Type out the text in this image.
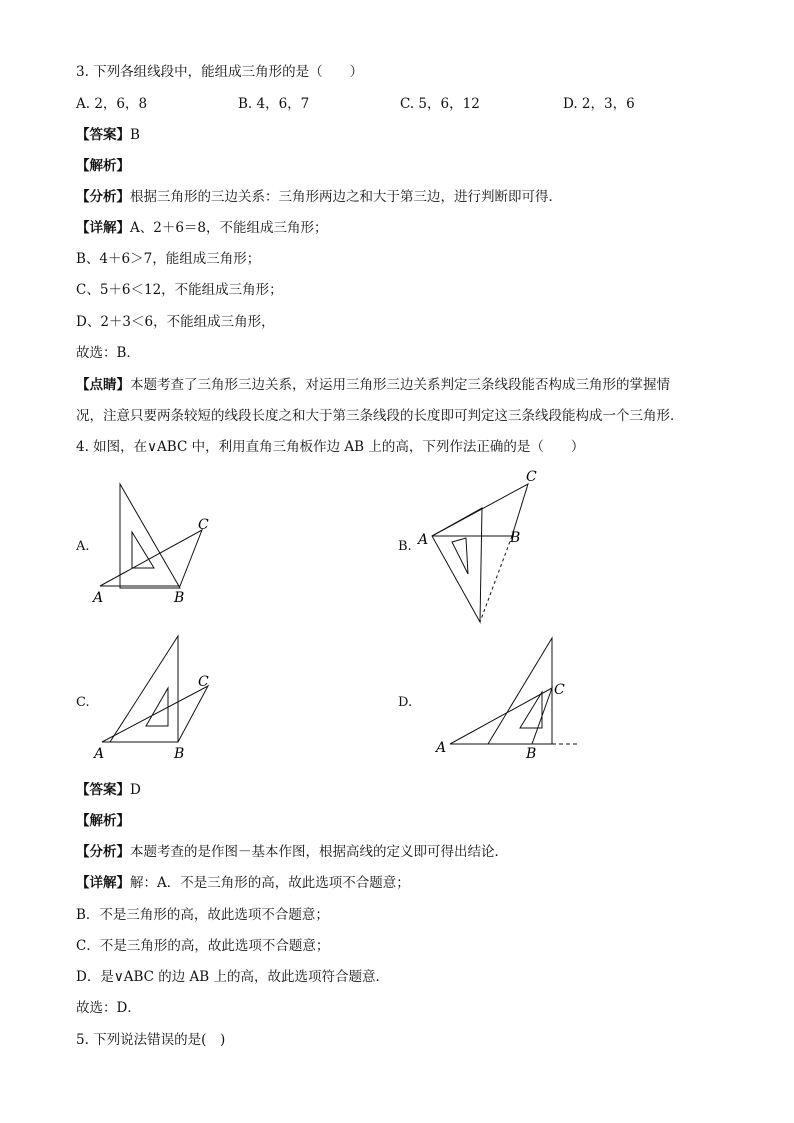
3. 下列各组线段中，能组成三角形的是（　　）
A. 2，6，8	B. 4，6，7	C. 5，6，12	D. 2，3，6
【答案】B
【解析】
【分析】根据三角形的三边关系：三角形两边之和大于第三边，进行判断即可得．
【详解】A、2＋6＝8，不能组成三角形；
B、4＋6＞7，能组成三角形；
C、5＋6＜12，不能组成三角形；
D、2＋3＜6，不能组成三角形，
故选：B．
【点睛】本题考查了三角形三边关系，对运用三角形三边关系判定三条线段能否构成三角形的掌握情
况，注意只要两条较短的线段长度之和大于第三条线段的长度即可判定这三条线段能构成一个三角形．
4. 如图，在∨ABC 中，利用直角三角板作边 AB 上的高，下列作法正确的是（　　）
A.
A	B
C
B. A	B
C
C.
A	B
C
D.
A	B
C
【答案】D
【解析】
【分析】本题考查的是作图－基本作图，根据高线的定义即可得出结论．
【详解】解：A．不是三角形的高，故此选项不合题意；
B．不是三角形的高，故此选项不合题意；
C．不是三角形的高，故此选项不合题意；
D．是∨ABC 的边 AB 上的高，故此选项符合题意．
故选：D．
5. 下列说法错误的是(　)
